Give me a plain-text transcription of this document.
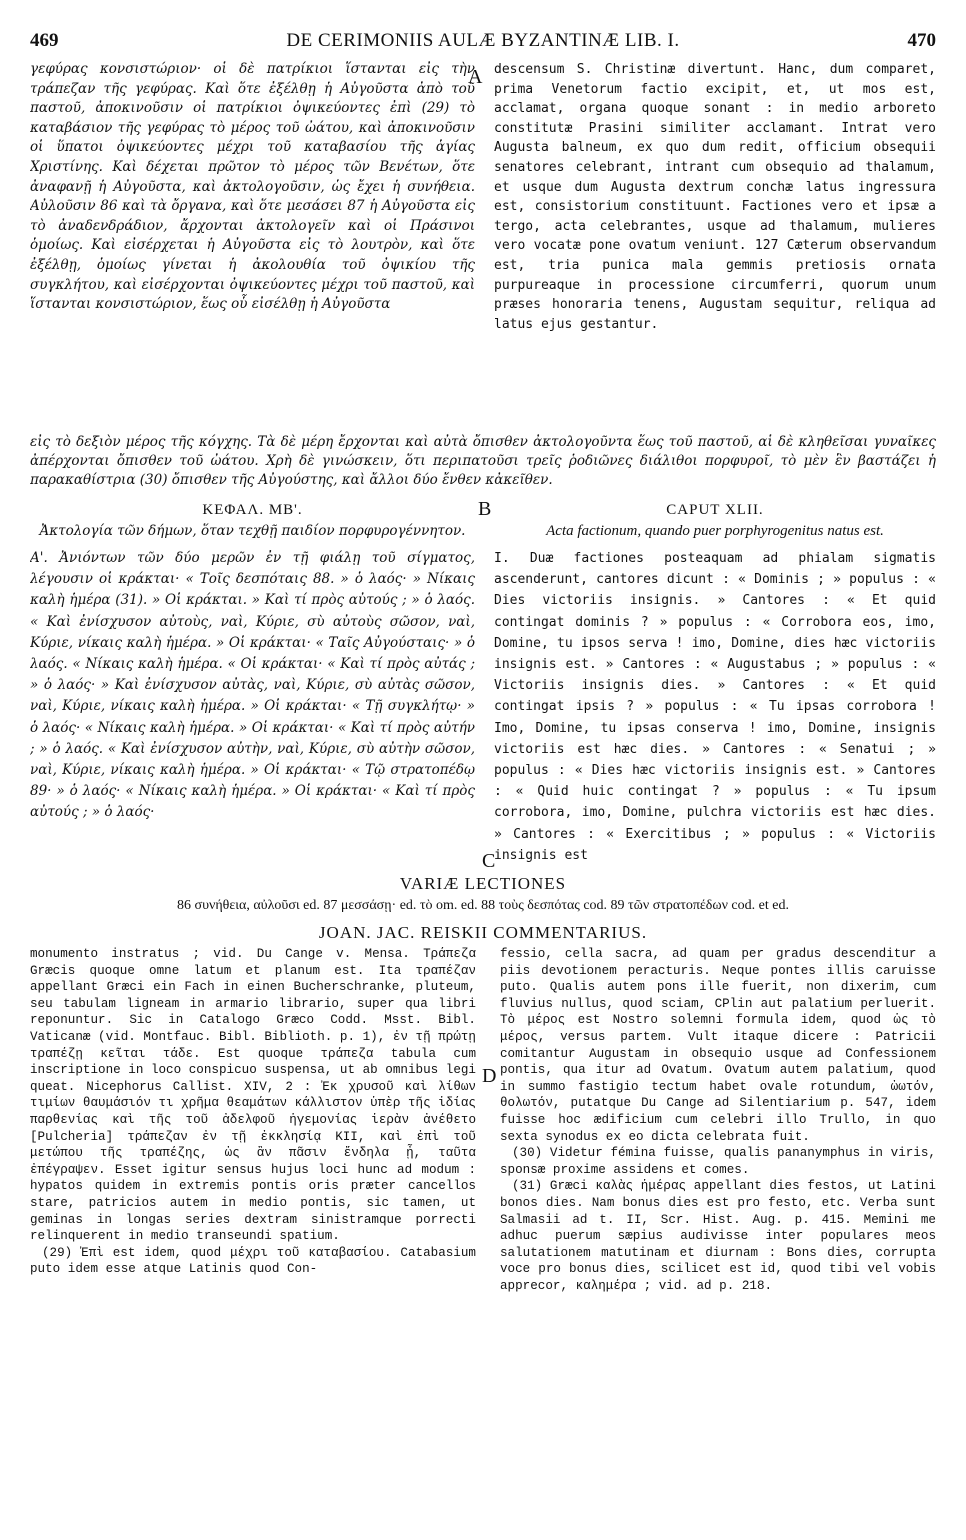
469	DE CERIMONIIS AULÆ BYZANTINÆ LIB. I.	470
A

γεφύρας κονσιστώριον· οἱ δὲ πατρίκιοι ἵστανται εἰς τὴν τράπεζαν τῆς γεφύρας. Καὶ ὅτε ἐξέλθῃ ἡ Αὐγοῦστα ἀπὸ τοῦ παστοῦ, ἀποκινοῦσιν οἱ πατρίκιοι ὀψικεύοντες ἐπὶ (29) τὸ καταβάσιον τῆς γεφύρας τὸ μέρος τοῦ ὠάτου, καὶ ἀποκινοῦσιν οἱ ὕπατοι ὀψικεύοντες μέχρι τοῦ καταβασίου τῆς ἁγίας Χριστίνης. Καὶ δέχεται πρῶτον τὸ μέρος τῶν Βενέτων, ὅτε ἀναφανῇ ἡ Αὐγοῦστα, καὶ ἀκτολογοῦσιν, ὡς ἔχει ἡ συνήθεια. Αὐλοῦσιν 86 καὶ τὰ ὄργανα, καὶ ὅτε μεσάσει 87 ἡ Αὐγοῦστα εἰς τὸ ἀναδενδράδιον, ἄρχονται ἀκτολογεῖν καὶ οἱ Πράσινοι ὁμοίως. Καὶ εἰσέρχεται ἡ Αὐγοῦστα εἰς τὸ λουτρὸν, καὶ ὅτε ἐξέλθῃ, ὁμοίως γίνεται ἡ ἀκολουθία τοῦ ὀψικίου τῆς συγκλήτου, καὶ εἰσέρχονται ὀψικεύοντες μέχρι τοῦ παστοῦ, καὶ ἵστανται κονσιστώριον, ἕως οὗ εἰσέλθῃ ἡ Αὐγοῦστα

descensum S. Christinæ divertunt. Hanc, dum comparet, prima Venetorum factio excipit, et, ut mos est, acclamat, organa quoque sonant : in medio arboreto constitutæ Prasini similiter acclamant. Intrat vero Augusta balneum, ex quo dum redit, officium obsequii senatores celebrant, intrant cum obsequio ad thalamum, et usque dum Augusta dextrum conchæ latus ingressura est, consistorium constituunt. Factiones vero et ipsæ a tergo, acta celebrantes, usque ad thalamum, mulieres vero vocatæ pone ovatum veniunt. 127 Cæterum observandum est, tria punica mala gemmis pretiosis ornata purpureaque in processione circumferri, quorum unum præses honoraria tenens, Augustam sequitur, reliqua ad latus ejus gestantur.

εἰς τὸ δεξιὸν μέρος τῆς κόγχης. Τὰ δὲ μέρη ἔρχονται καὶ αὐτὰ ὄπισθεν ἀκτολογοῦντα ἕως τοῦ παστοῦ, αἱ δὲ κληθεῖσαι γυναῖκες ἀπέρχονται ὄπισθεν τοῦ ὠάτου. Χρὴ δὲ γινώσκειν, ὅτι περιπατοῦσι τρεῖς ῥοδιῶνες διάλιθοι πορφυροῖ, τὸ μὲν ἓν βαστάζει ἡ παρακαθίστρια (30) ὄπισθεν τῆς Αὐγούστης, καὶ ἄλλοι δύο ἔνθεν κἀκεῖθεν.

B
C
ΚΕΦΑΛ. ΜΒ'.
Ἀκτολογία τῶν δήμων, ὅταν τεχθῇ παιδίον πορφυρογέννητον.

Α'. Ἀνιόντων τῶν δύο μερῶν ἐν τῇ φιάλῃ τοῦ σίγματος, λέγουσιν οἱ κράκται· « Τοῖς δεσπόταις 88. » ὁ λαός· » Νίκαις καλὴ ἡμέρα (31). » Οἱ κράκται. » Καὶ τί πρὸς αὐτούς ; » ὁ λαός. « Καὶ ἐνίσχυσον αὐτοὺς, ναὶ, Κύριε, σὺ αὐτοὺς σῶσον, ναὶ, Κύριε, νίκαις καλὴ ἡμέρα. » Οἱ κράκται· « Ταῖς Αὐγούσταις· » ὁ λαός. « Νίκαις καλὴ ἡμέρα. « Οἱ κράκται· « Καὶ τί πρὸς αὐτάς ; » ὁ λαός· » Καὶ ἐνίσχυσον αὐτὰς, ναὶ, Κύριε, σὺ αὐτὰς σῶσον, ναὶ, Κύριε, νίκαις καλὴ ἡμέρα. » Οἱ κράκται· « Τῇ συγκλήτῳ· » ὁ λαός· « Νίκαις καλὴ ἡμέρα. » Οἱ κράκται· « Καὶ τί πρὸς αὐτήν ; » ὁ λαός. « Καὶ ἐνίσχυσον αὐτὴν, ναὶ, Κύριε, σὺ αὐτὴν σῶσον, ναὶ, Κύριε, νίκαις καλὴ ἡμέρα. » Οἱ κράκται· « Τῷ στρατοπέδῳ 89· » ὁ λαός· « Νίκαις καλὴ ἡμέρα. » Οἱ κράκται· « Καὶ τί πρὸς αὐτούς ; » ὁ λαός·

CAPUT XLII.
Acta factionum, quando puer porphyrogenitus natus est.

I. Duæ factiones posteaquam ad phialam sigmatis ascenderunt, cantores dicunt : « Dominis ; » populus : « Dies victoriis insignis. » Cantores : « Et quid contingat dominis ? » populus : « Corrobora eos, imo, Domine, tu ipsos serva ! imo, Domine, dies hæc victoriis insignis est. » Cantores : « Augustabus ; » populus : « Victoriis insignis dies. » Cantores : « Et quid contingat ipsis ? » populus : « Tu ipsas corrobora ! Imo, Domine, tu ipsas conserva ! imo, Domine, insignis victoriis est hæc dies. » Cantores : « Senatui ; » populus : « Dies hæc victoriis insignis est. » Cantores : « Quid huic contingat ? » populus : « Tu ipsum corrobora, imo, Domine, pulchra victoriis est hæc dies. » Cantores : « Exercitibus ; » populus : « Victoriis insignis est

VARIÆ LECTIONES
86 συνήθεια, αὐλοῦσι ed. 87 μεσσάσῃ· ed. τὸ om. ed. 88 τοὺς δεσπότας cod. 89 τῶν στρατοπέδων cod. et ed.
JOAN. JAC. REISKII COMMENTARIUS.
D

monumento instratus ; vid. Du Cange v. Mensa. Τράπεζα Græcis quoque omne latum et planum est. Ita τραπέζαν appellant Græci ein Fach in einen Bucherschranke, pluteum, seu tabulam ligneam in armario librario, super qua libri reponuntur. Sic in Catalogo Græco Codd. Msst. Bibl. Vaticanæ (vid. Montfauc. Bibl. Biblioth. p. 1), ἐν τῇ πρώτῃ τραπέζῃ κεῖται τάδε. Est quoque τράπεζα tabula cum inscriptione in loco conspicuo suspensa, ut ab omnibus legi queat. Nicephorus Callist. XIV, 2 : Ἐκ χρυσοῦ καὶ λίθων τιμίων θαυμάσιόν τι χρῆμα θεαμάτων κάλλιστον ὑπὲρ τῆς ἰδίας παρθενίας καὶ τῆς τοῦ ἀδελφοῦ ἡγεμονίας ἱερὰν ἀνέθετο [Pulcheria] τράπεζαν ἐν τῇ ἐκκλησίᾳ ΚΙΙ, καὶ ἐπὶ τοῦ μετώπου τῆς τραπέζης, ὡς ἂν πᾶσιν ἔνδηλα ᾖ, ταῦτα ἐπέγραψεν. Esset igitur sensus hujus loci hunc ad modum : hypatos quidem in extremis pontis oris præter cancellos stare, patricios autem in medio pontis, sic tamen, ut geminas in longas series dextram sinistramque porrecti relinquerent in medio transeundi spatium.

(29) Ἐπὶ est idem, quod μέχρι τοῦ καταβασίου. Catabasium puto idem esse atque Latinis quod Con-

fessio, cella sacra, ad quam per gradus descenditur a piis devotionem peracturis. Neque pontes illis caruisse puto. Qualis autem pons ille fuerit, non dixerim, cum fluvius nullus, quod sciam, CPlin aut palatium perluerit. Τὸ μέρος est Nostro solemni formula idem, quod ὡς τὸ μέρος, versus partem. Vult itaque dicere : Patricii comitantur Augustam in obsequio usque ad Confessionem pontis, qua itur ad Ovatum. Ovatum autem palatium, quod in summo fastigio tectum habet ovale rotundum, ὠωτόν, θολωτόν, putatque Du Cange ad Silentiarium p. 547, idem fuisse hoc ædificium cum celebri illo Trullo, in quo sexta synodus ex eo dicta celebrata fuit.

(30) Videtur fémina fuisse, qualis pananymphus in viris, sponsæ proxime assidens et comes.

(31) Græci καλὰς ἡμέρας appellant dies festos, ut Latini bonos dies. Nam bonus dies est pro festo, etc. Verba sunt Salmasii ad t. II, Scr. Hist. Aug. p. 415. Memini me adhuc puerum sæpius audivisse inter populares meos salutationem matutinam et diurnam : Bons dies, corrupta voce pro bonus dies, scilicet est id, quod tibi vel vobis apprecor, καλημέρα ; vid. ad p. 218.
